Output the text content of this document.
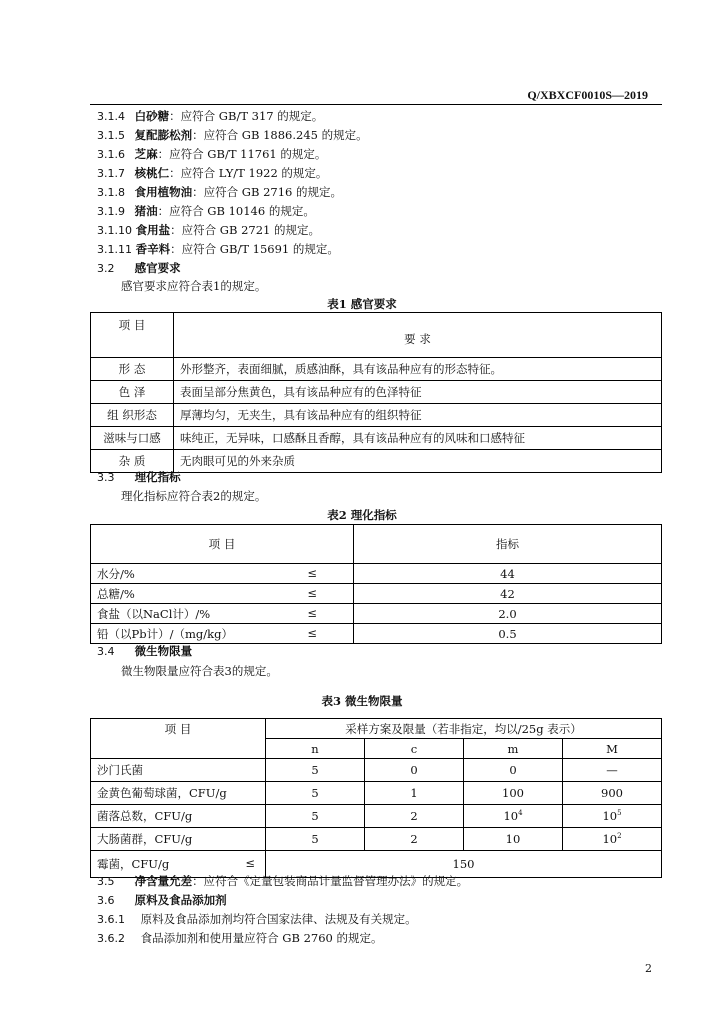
Q/XBXCF0010S—2019
3.1.4 白砂糖：应符合 GB/T 317 的规定。
3.1.5 复配膨松剂：应符合 GB 1886.245 的规定。
3.1.6 芝麻：应符合 GB/T 11761 的规定。
3.1.7 核桃仁：应符合 LY/T 1922 的规定。
3.1.8 食用植物油：应符合 GB 2716 的规定。
3.1.9 猪油：应符合 GB 10146 的规定。
3.1.10 食用盐：应符合 GB 2721 的规定。
3.1.11 香辛料：应符合 GB/T 15691 的规定。
3.2 感官要求
感官要求应符合表1的规定。
表1 感官要求
项 目	要 求
形 态	外形整齐，表面细腻，质感油酥，具有该品种应有的形态特征。
色 泽	表面呈部分焦黄色，具有该品种应有的色泽特征
组 织形态	厚薄均匀，无夹生，具有该品种应有的组织特征
滋味与口感	味纯正，无异味，口感酥且香醇，具有该品种应有的风味和口感特征
杂 质	无肉眼可见的外来杂质
3.3 理化指标
理化指标应符合表2的规定。
表2 理化指标
项 目	指标
水分/% ≤	44
总糖/% ≤	42
食盐（以NaCl计）/% ≤	2.0
铅（以Pb计）/（mg/kg） ≤	0.5
3.4 微生物限量
微生物限量应符合表3的规定。
表3 微生物限量
项 目	采样方案及限量（若非指定，均以/25g 表示）			
	n	c	m	M
沙门氏菌	5	0	0	—
金黄色葡萄球菌，CFU/g	5	1	100	900
菌落总数，CFU/g	5	2	$10^4$	$10^5$
大肠菌群，CFU/g	5	2	10	$10^2$
霉菌，CFU/g ≤	150			
3.5 净含量允差：应符合《定量包装商品计量监督管理办法》的规定。
3.6 原料及食品添加剂
3.6.1 原料及食品添加剂均符合国家法律、法规及有关规定。
3.6.2 食品添加剂和使用量应符合 GB 2760 的规定。
2
